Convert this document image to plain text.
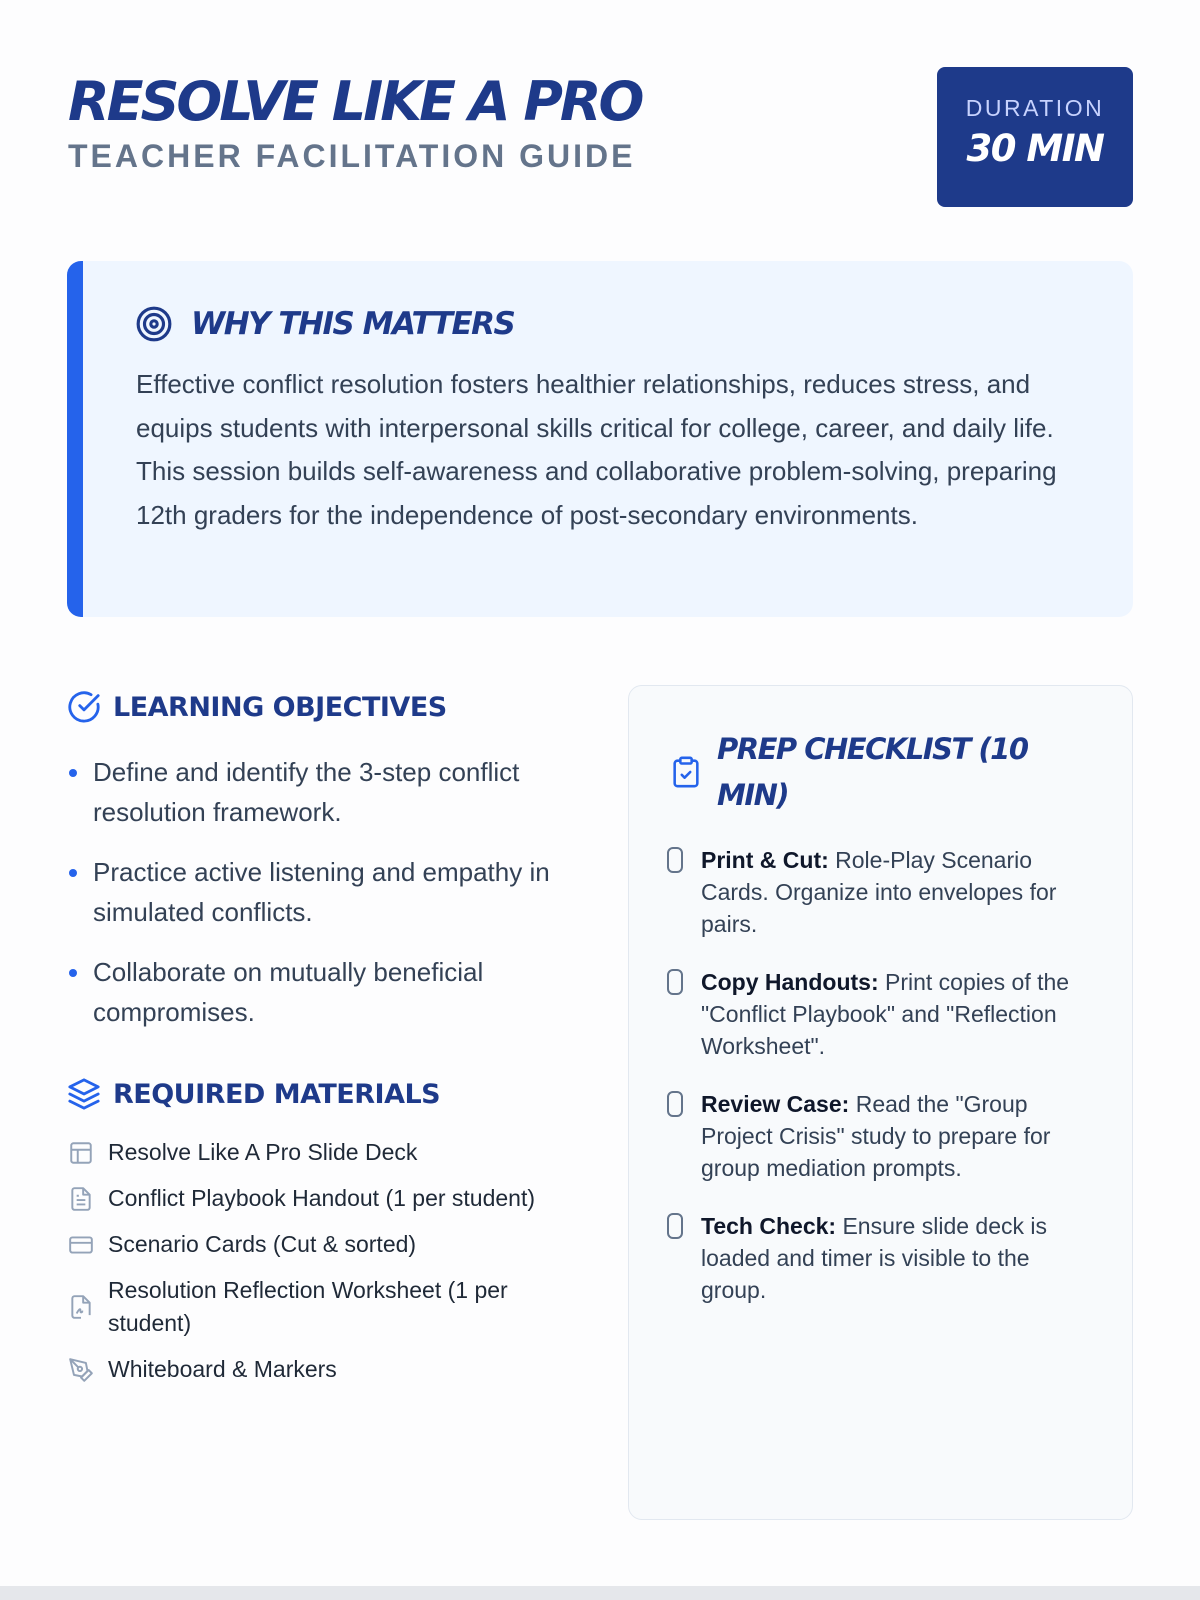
RESOLVE LIKE A PRO
TEACHER FACILITATION GUIDE
DURATION
30 MIN
WHY THIS MATTERS

Effective conflict resolution fosters healthier relationships, reduces stress, and equips students with interpersonal skills critical for college, career, and daily life. This session builds self-awareness and collaborative problem-solving, preparing 12th graders for the independence of post-secondary environments.

LEARNING OBJECTIVES
Define and identify the 3-step conflict resolution framework.
Practice active listening and empathy in simulated conflicts.
Collaborate on mutually beneficial compromises.
REQUIRED MATERIALS
Resolve Like A Pro Slide Deck
Conflict Playbook Handout (1 per student)
Scenario Cards (Cut & sorted)
Resolution Reflection Worksheet (1 per student)
Whiteboard & Markers
PREP CHECKLIST (10 MIN)
Print & Cut: Role-Play Scenario Cards. Organize into envelopes for pairs.
Copy Handouts: Print copies of the "Conflict Playbook" and "Reflection Worksheet".
Review Case: Read the "Group Project Crisis" study to prepare for group mediation prompts.
Tech Check: Ensure slide deck is loaded and timer is visible to the group.
